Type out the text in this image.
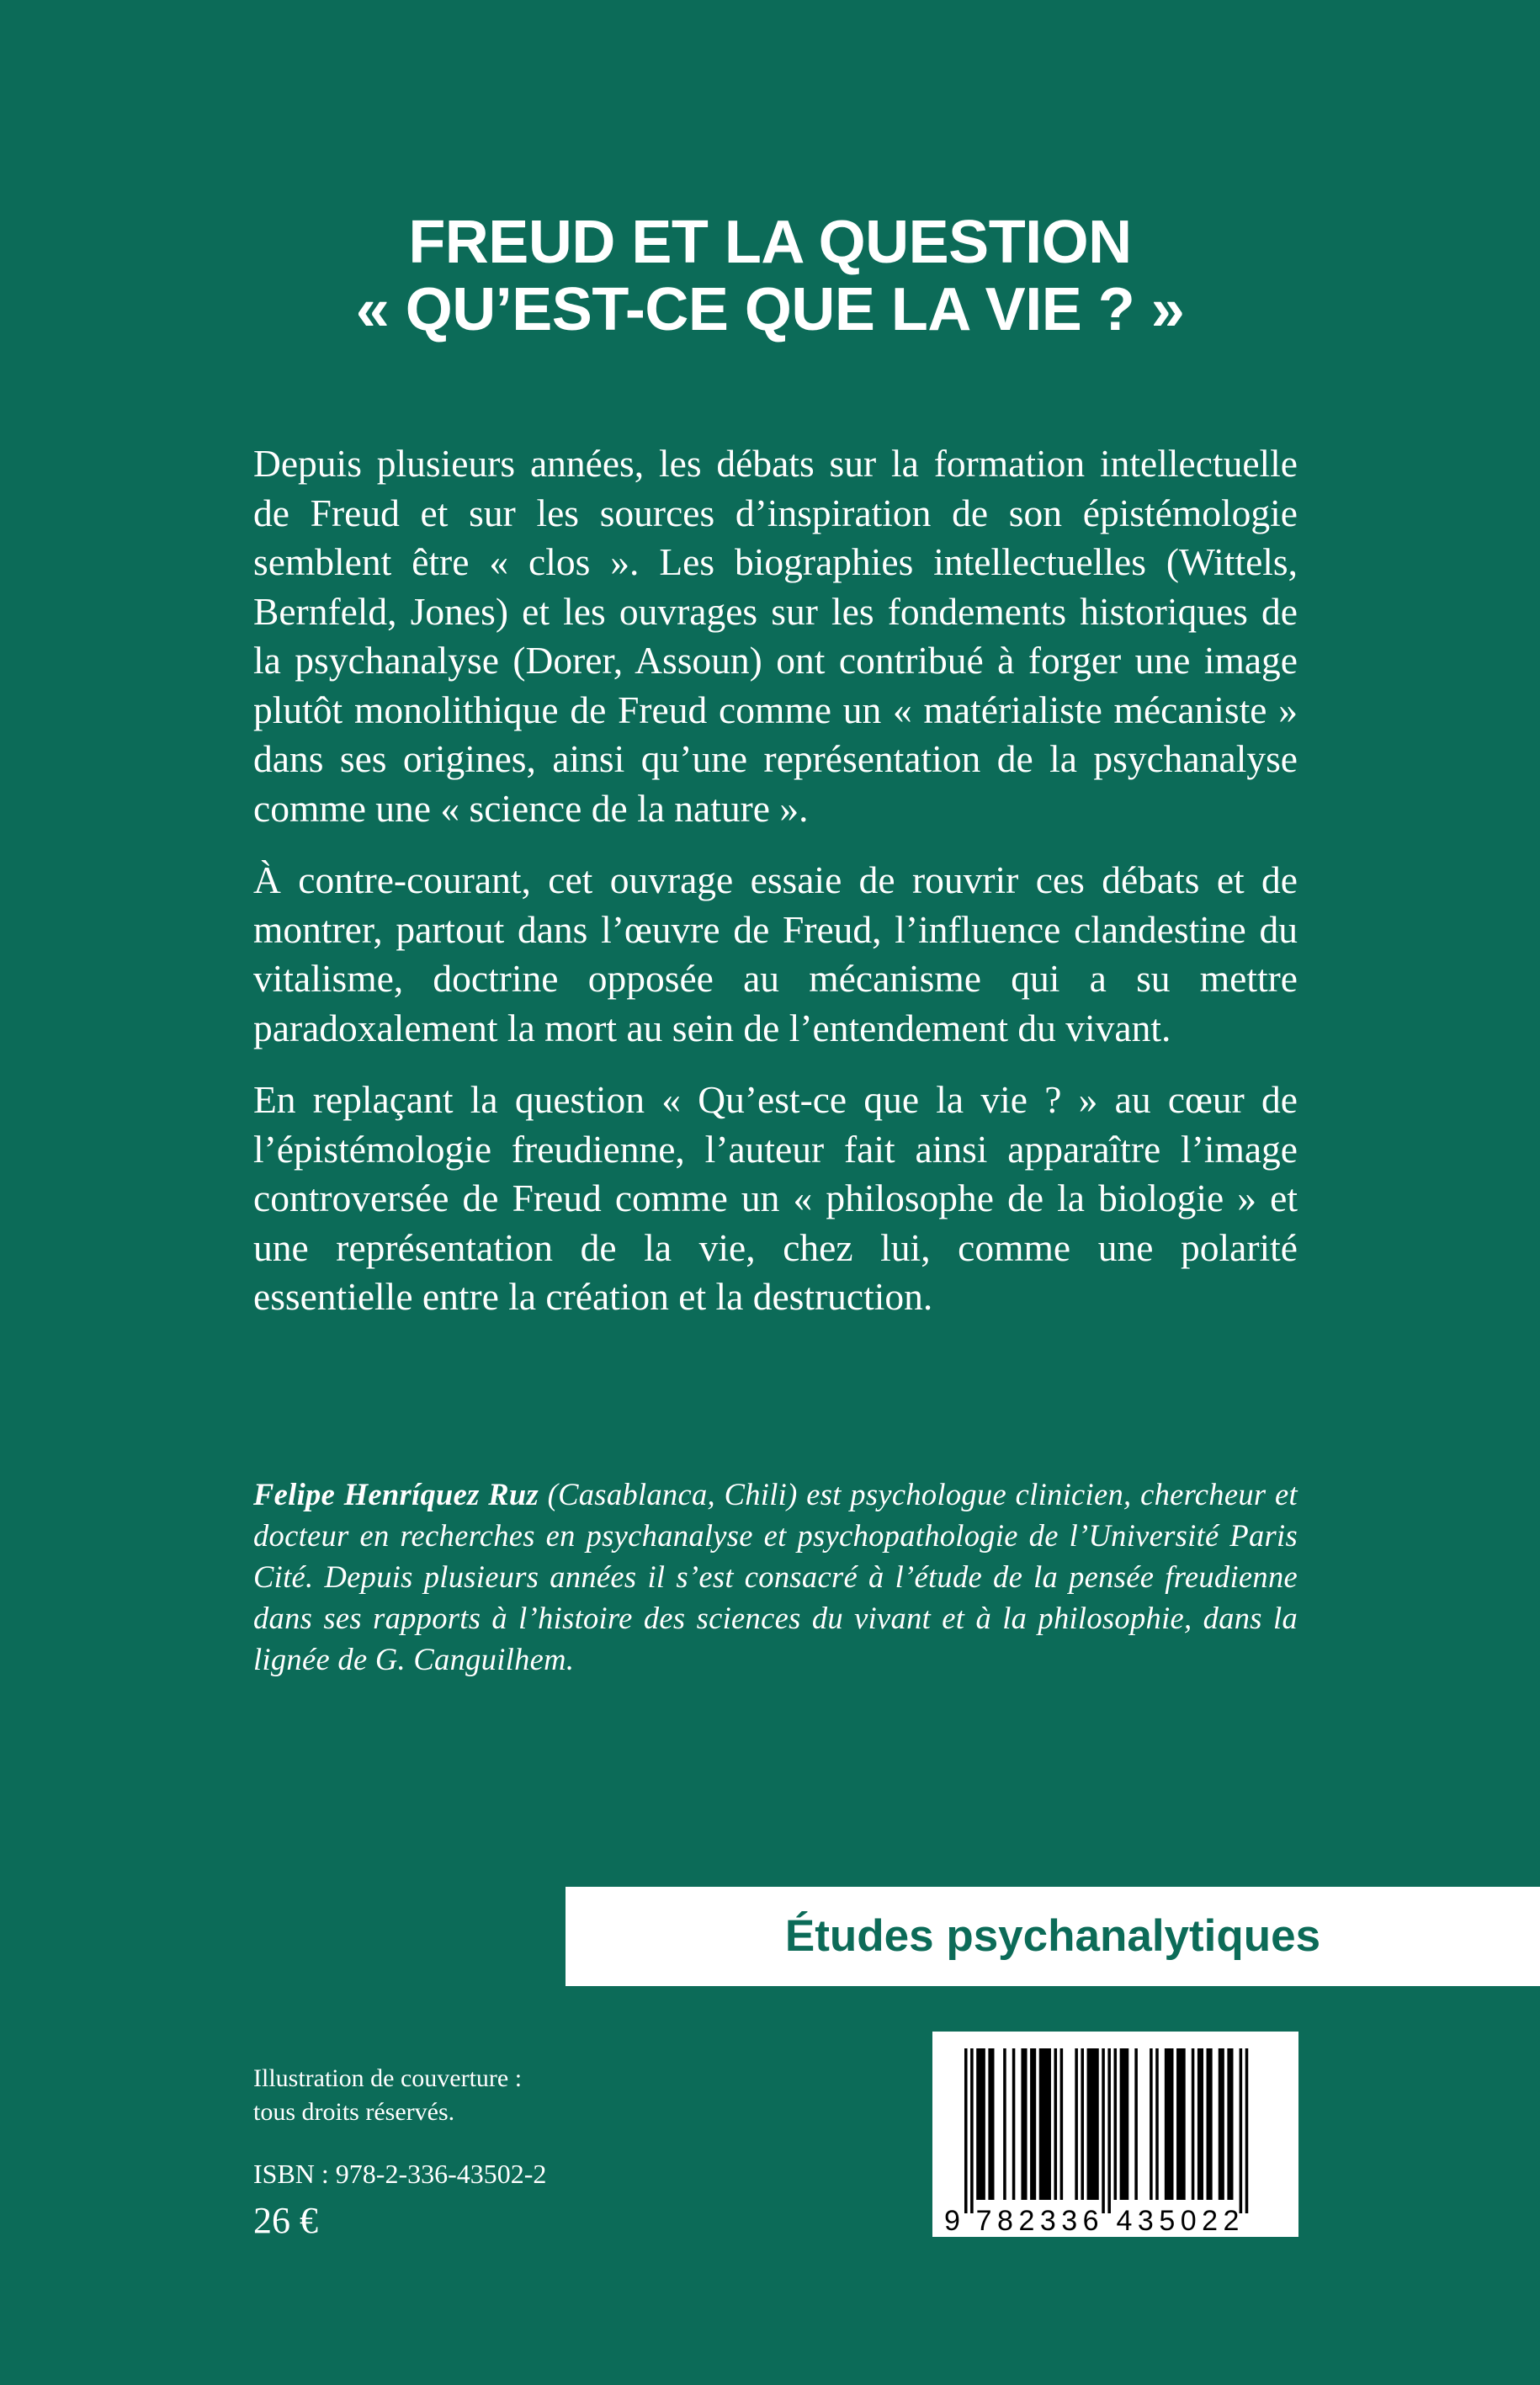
FREUD ET LA QUESTION
« QU’EST-CE QUE LA VIE ? »

Depuis plusieurs années, les débats sur la formation intellectuelle de Freud et sur les sources d’inspiration de son épistémologie semblent être « clos ». Les biographies intellectuelles (Wittels, Bernfeld, Jones) et les ouvrages sur les fondements historiques de la psychanalyse (Dorer, Assoun) ont contribué à forger une image plutôt monolithique de Freud comme un « matérialiste mécaniste » dans ses origines, ainsi qu’une représentation de la psychanalyse comme une « science de la nature ».

À contre-courant, cet ouvrage essaie de rouvrir ces débats et de montrer, partout dans l’œuvre de Freud, l’influence clandestine du vitalisme, doctrine opposée au mécanisme qui a su mettre paradoxalement la mort au sein de l’entendement du vivant.

En replaçant la question « Qu’est-ce que la vie ? » au cœur de l’épistémologie freudienne, l’auteur fait ainsi apparaître l’image controversée de Freud comme un « philosophe de la biologie » et une représentation de la vie, chez lui, comme une polarité essentielle entre la création et la destruction.

Felipe Henríquez Ruz (Casablanca, Chili) est psychologue clinicien, chercheur et docteur en recherches en psychanalyse et psychopathologie de l’Université Paris Cité. Depuis plusieurs années il s’est consacré à l’étude de la pensée freudienne dans ses rapports à l’histoire des sciences du vivant et à la philosophie, dans la lignée de G. Canguilhem.
Études psychanalytiques
Illustration de couverture :
tous droits réservés.
ISBN : 978-2-336-43502-2
26 €	9 782336 435022
